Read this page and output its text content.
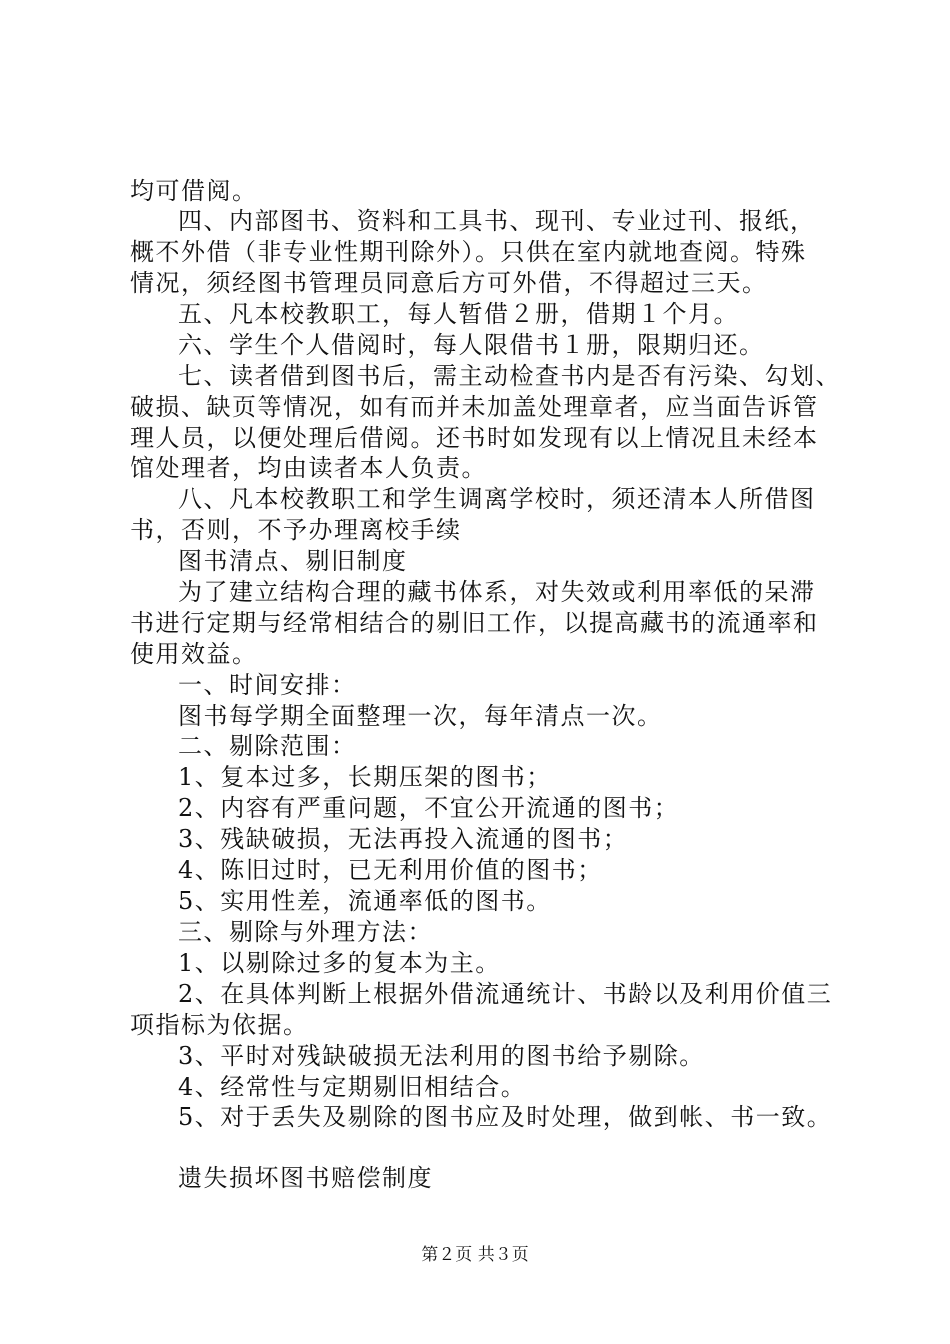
均可借阅。
四、内部图书、资料和工具书、现刊、专业过刊、报纸，
概不外借（非专业性期刊除外）。只供在室内就地查阅。特殊
情况，须经图书管理员同意后方可外借，不得超过三天。
五、凡本校教职工，每人暂借２册，借期１个月。
六、学生个人借阅时，每人限借书１册，限期归还。
七、读者借到图书后，需主动检查书内是否有污染、勾划、
破损、缺页等情况，如有而并未加盖处理章者，应当面告诉管
理人员，以便处理后借阅。还书时如发现有以上情况且未经本
馆处理者，均由读者本人负责。
八、凡本校教职工和学生调离学校时，须还清本人所借图
书，否则，不予办理离校手续
图书清点、剔旧制度
为了建立结构合理的藏书体系，对失效或利用率低的呆滞
书进行定期与经常相结合的剔旧工作，以提高藏书的流通率和
使用效益。
一、时间安排：
图书每学期全面整理一次，每年清点一次。
二、剔除范围：
1、复本过多，长期压架的图书；
2、内容有严重问题，不宜公开流通的图书；
3、残缺破损，无法再投入流通的图书；
4、陈旧过时，已无利用价值的图书；
5、实用性差，流通率低的图书。
三、剔除与外理方法：
1、以剔除过多的复本为主。
2、在具体判断上根据外借流通统计、书龄以及利用价值三
项指标为依据。
3、平时对残缺破损无法利用的图书给予剔除。
4、经常性与定期剔旧相结合。
5、对于丢失及剔除的图书应及时处理，做到帐、书一致。
遗失损坏图书赔偿制度
第２页 共３页
